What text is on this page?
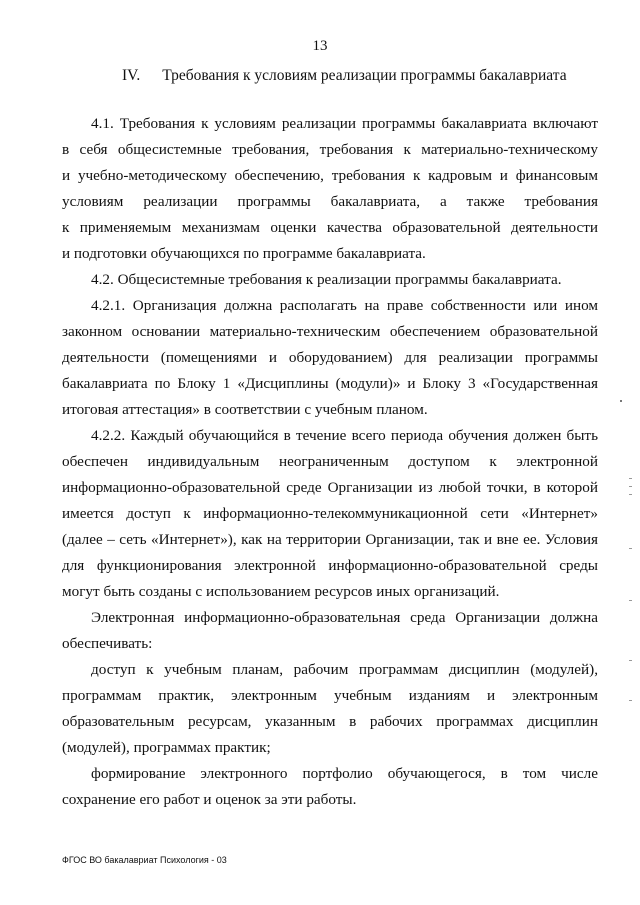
13
IV. Требования к условиям реализации программы бакалавриата
4.1. Требования к условиям реализации программы бакалавриата включают
в себя общесистемные требования, требования к материально-техническому
и учебно-методическому обеспечению, требования к кадровым и финансовым
условиям реализации программы бакалавриата, а также требования
к применяемым механизмам оценки качества образовательной деятельности
и подготовки обучающихся по программе бакалавриата.
4.2. Общесистемные требования к реализации программы бакалавриата.
4.2.1. Организация должна располагать на праве собственности или ином
законном основании материально-техническим обеспечением образовательной
деятельности (помещениями и оборудованием) для реализации программы
бакалавриата по Блоку 1 «Дисциплины (модули)» и Блоку 3 «Государственная
итоговая аттестация» в соответствии с учебным планом.
4.2.2. Каждый обучающийся в течение всего периода обучения должен быть
обеспечен индивидуальным неограниченным доступом к электронной
информационно-образовательной среде Организации из любой точки, в которой
имеется доступ к информационно-телекоммуникационной сети «Интернет»
(далее – сеть «Интернет»), как на территории Организации, так и вне ее. Условия
для функционирования электронной информационно-образовательной среды
могут быть созданы с использованием ресурсов иных организаций.
Электронная информационно-образовательная среда Организации должна
обеспечивать:
доступ к учебным планам, рабочим программам дисциплин (модулей),
программам практик, электронным учебным изданиям и электронным
образовательным ресурсам, указанным в рабочих программах дисциплин
(модулей), программах практик;
формирование электронного портфолио обучающегося, в том числе
сохранение его работ и оценок за эти работы.
ФГОС ВО бакалавриат Психология - 03
